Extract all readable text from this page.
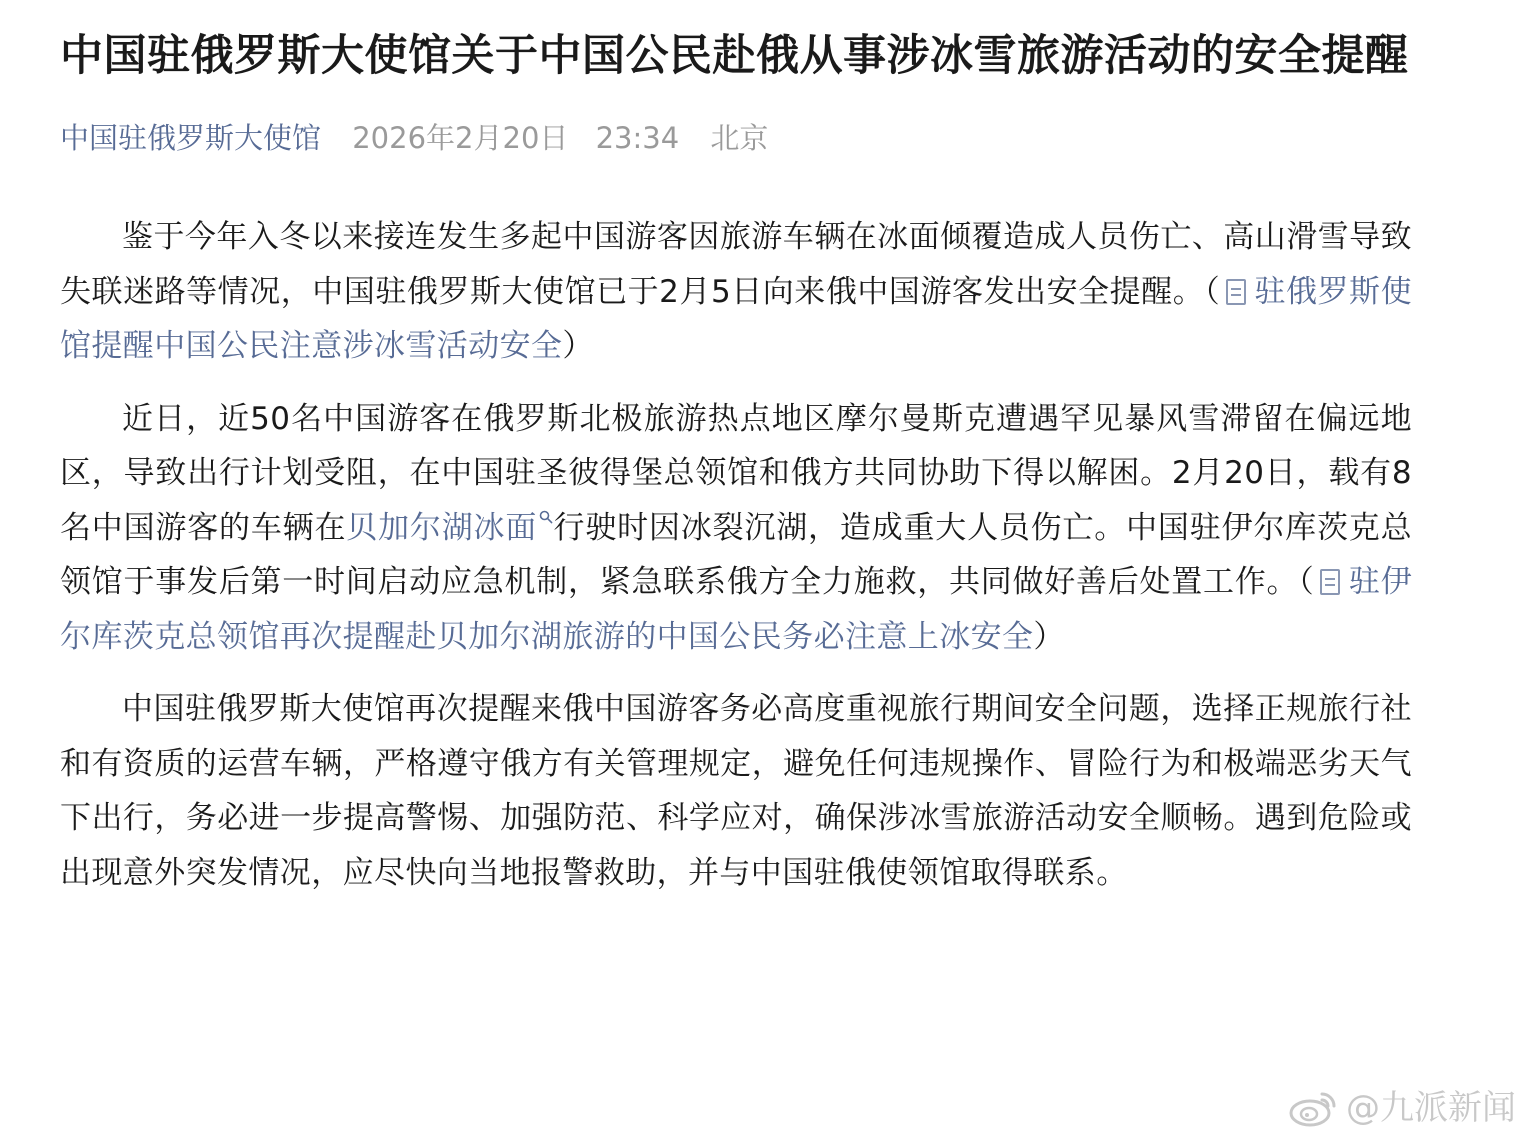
中国驻俄罗斯大使馆关于中国公民赴俄从事涉冰雪旅游活动的安全提醒
中国驻俄罗斯大使馆 2026年2月20日 23:34 北京

鉴于今年入冬以来接连发生多起中国游客因旅游车辆在冰面倾覆造成人员伤亡、高山滑雪导致失联迷路等情况，中国驻俄罗斯大使馆已于2月5日向来俄中国游客发出安全提醒。（ 驻俄罗斯使馆提醒中国公民注意涉冰雪活动安全）

近日，近50名中国游客在俄罗斯北极旅游热点地区摩尔曼斯克遭遇罕见暴风雪滞留在偏远地区，导致出行计划受阻，在中国驻圣彼得堡总领馆和俄方共同协助下得以解困。2月20日，载有8名中国游客的车辆在贝加尔湖冰面 行驶时因冰裂沉湖，造成重大人员伤亡。中国驻伊尔库茨克总领馆于事发后第一时间启动应急机制，紧急联系俄方全力施救，共同做好善后处置工作。（ 驻伊尔库茨克总领馆再次提醒赴贝加尔湖旅游的中国公民务必注意上冰安全）

中国驻俄罗斯大使馆再次提醒来俄中国游客务必高度重视旅行期间安全问题，选择正规旅行社和有资质的运营车辆，严格遵守俄方有关管理规定，避免任何违规操作、冒险行为和极端恶劣天气下出行，务必进一步提高警惕、加强防范、科学应对，确保涉冰雪旅游活动安全顺畅。遇到危险或出现意外突发情况，应尽快向当地报警救助，并与中国驻俄使领馆取得联系。

@九派新闻
